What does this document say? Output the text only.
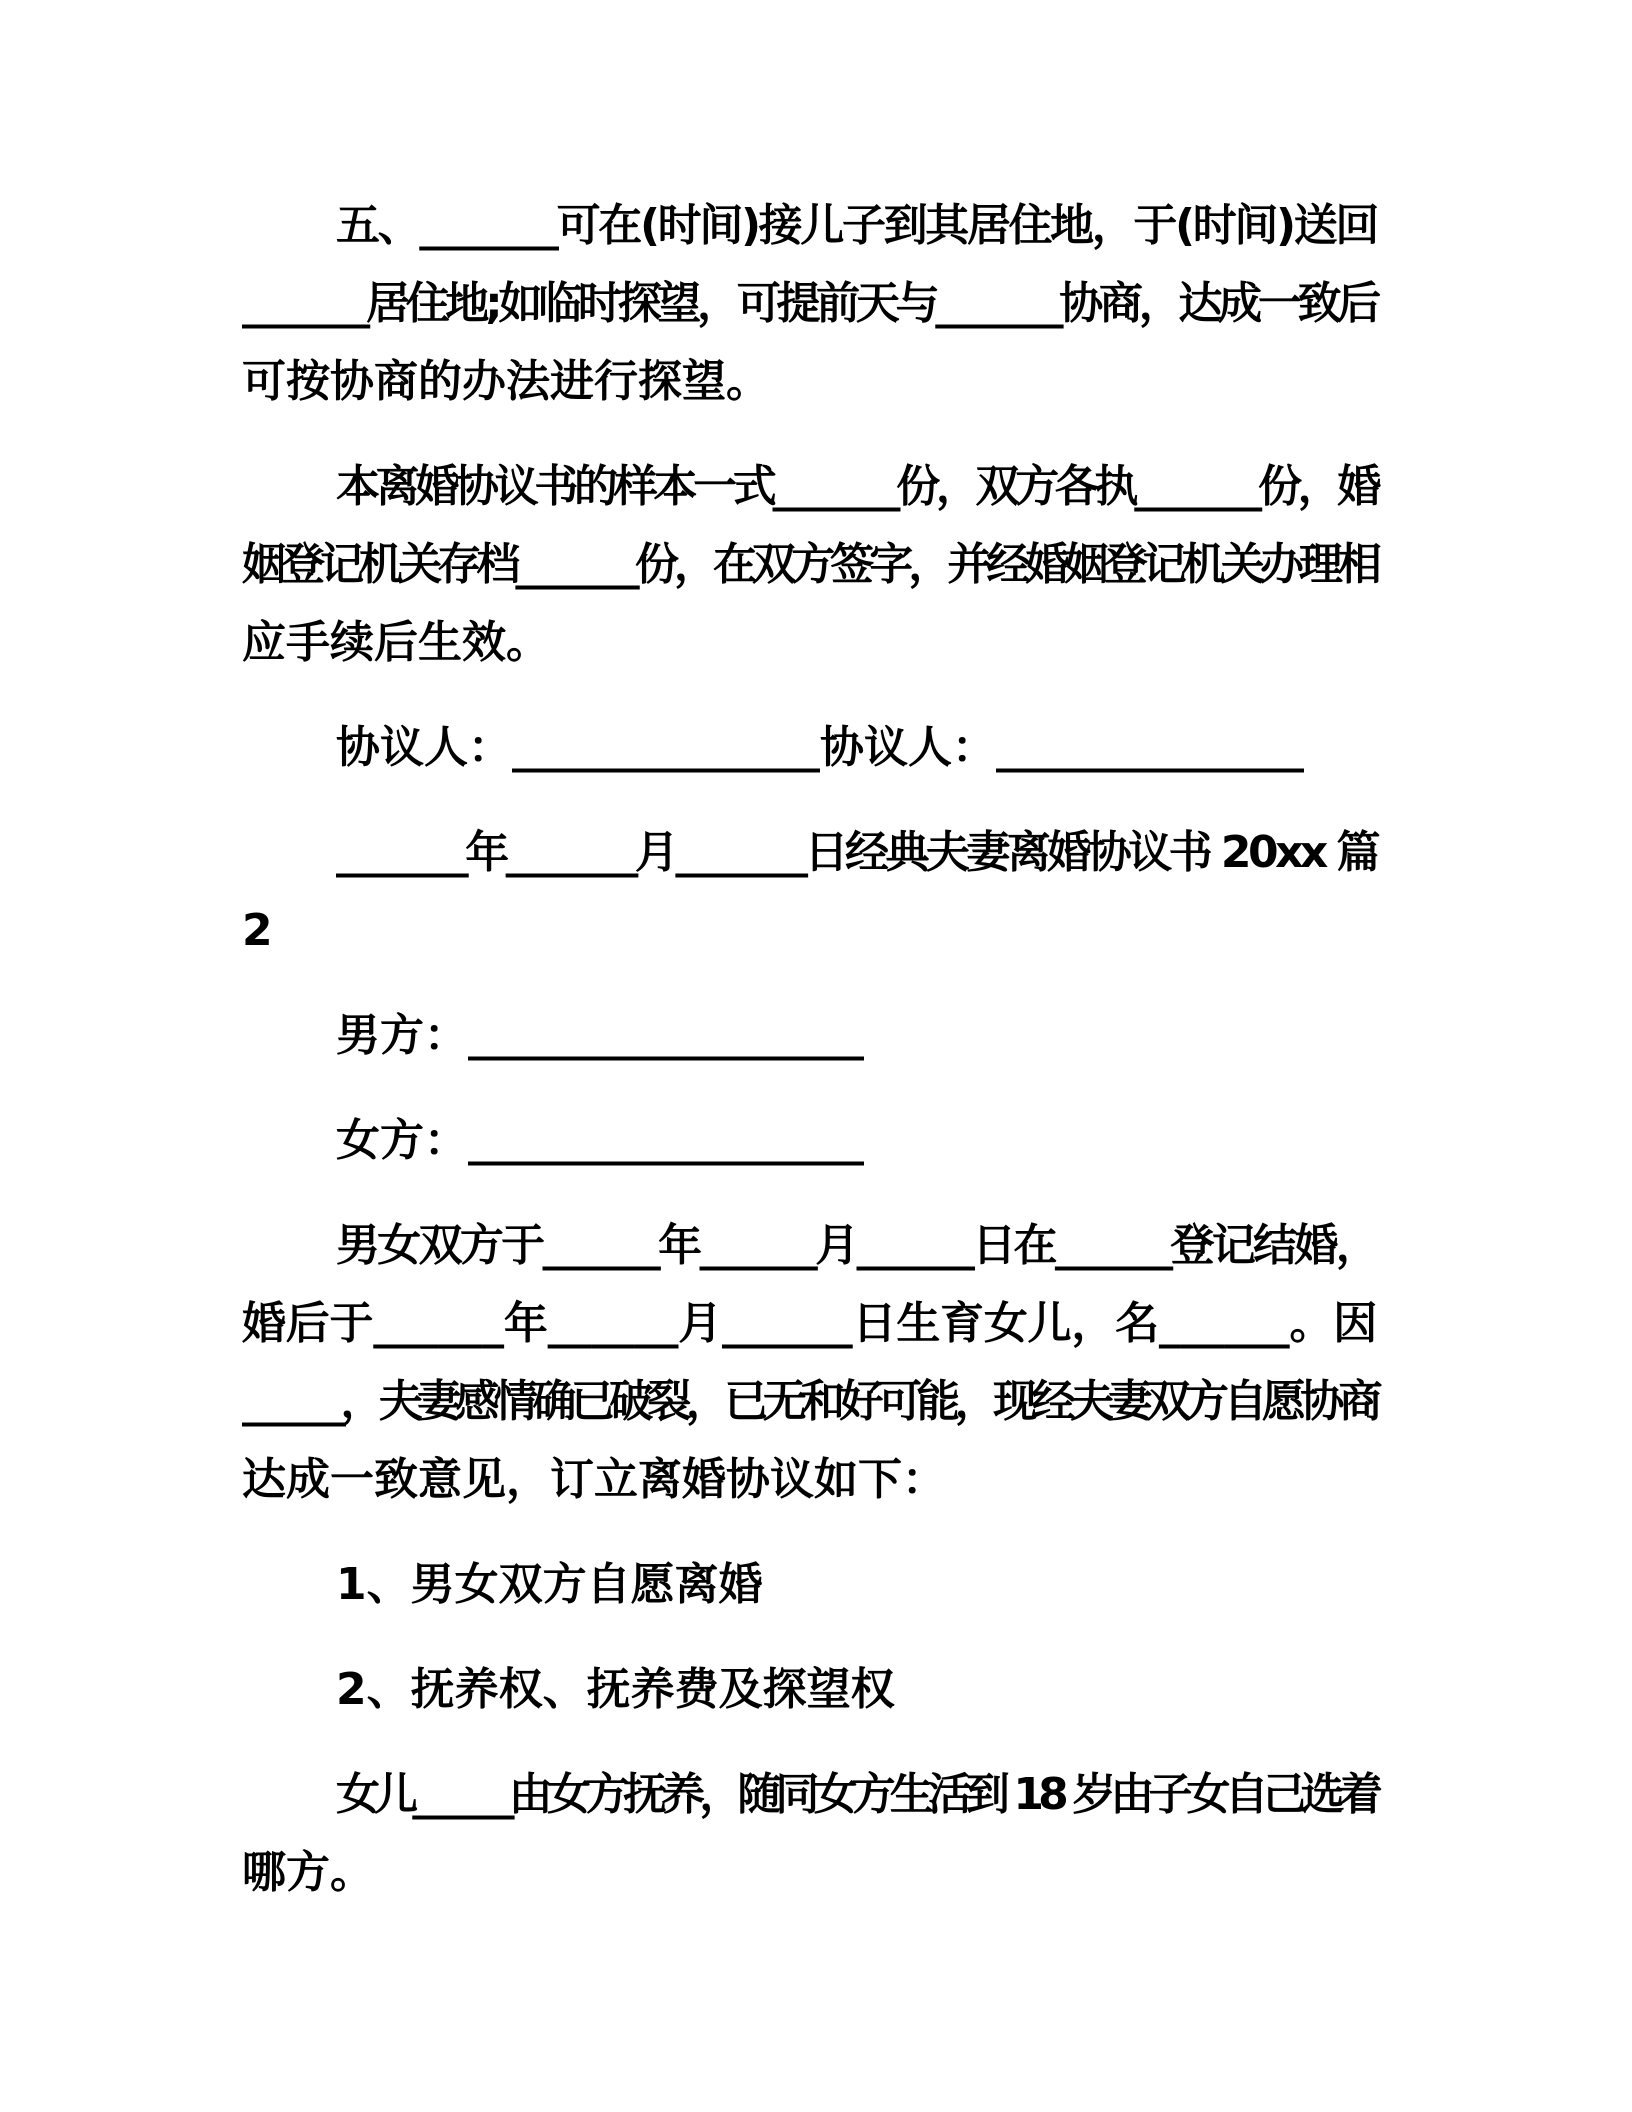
五、_______可在(时间)接儿子到其居住地，于(时间)送回
_______居住地;如临时探望，可提前天与_______协商，达成一致后
可按协商的办法进行探望。
本离婚协议书的样本一式_______份，双方各执_______份，婚
姻登记机关存档_______份，在双方签字，并经婚姻登记机关办理相
应手续后生效。
协议人：______________协议人：______________
_______年_______月_______日经典夫妻离婚协议书 20xx 篇
2
男方：__________________
女方：__________________
男女双方于______年______月______日在______登记结婚，
婚后于______年______月______日生育女儿，名______。因
______，夫妻感情确已破裂，已无和好可能，现经夫妻双方自愿协商
达成一致意见，订立离婚协议如下：
1、男女双方自愿离婚
2、抚养权、抚养费及探望权
女儿______由女方抚养，随同女方生活到 18 岁由子女自己选着
哪方。
